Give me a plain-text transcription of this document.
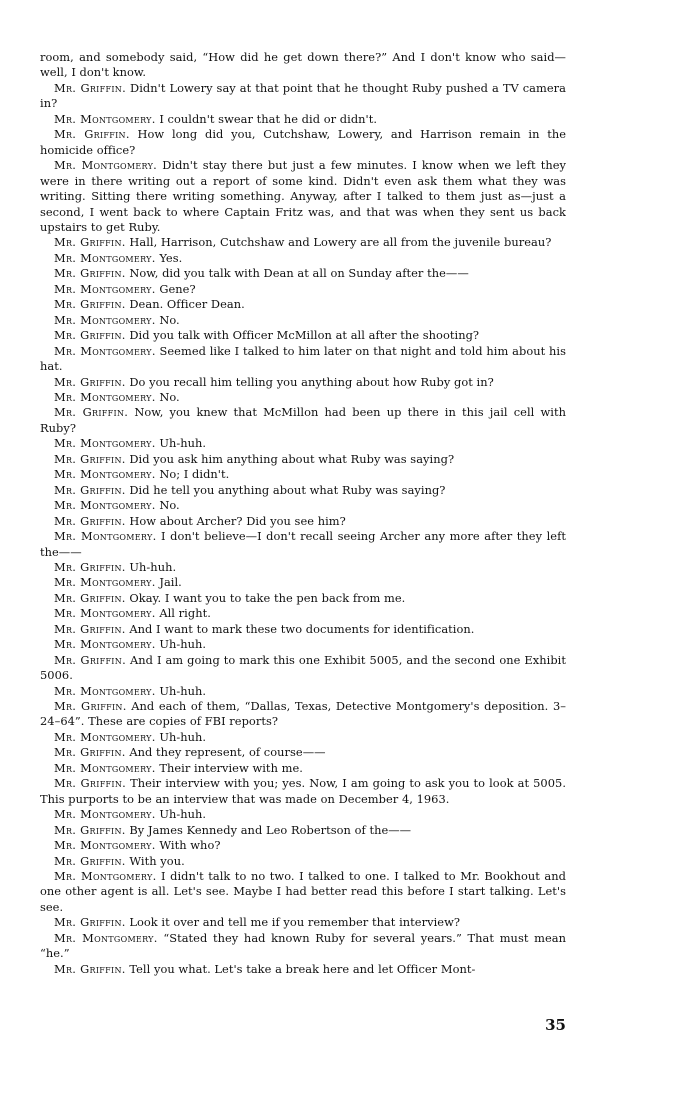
room, and somebody said, “How did he get down there?” And I don't know who said—well, I don't know.

Mr. Griffin. Didn't Lowery say at that point that he thought Ruby pushed a TV camera in?

Mr. Montgomery. I couldn't swear that he did or didn't.

Mr. Griffin. How long did you, Cutchshaw, Lowery, and Harrison remain in the homicide office?

Mr. Montgomery. Didn't stay there but just a few minutes. I know when we left they were in there writing out a report of some kind. Didn't even ask them what they was writing. Sitting there writing something. Anyway, after I talked to them just as—just a second, I went back to where Captain Fritz was, and that was when they sent us back upstairs to get Ruby.

Mr. Griffin. Hall, Harrison, Cutchshaw and Lowery are all from the juvenile bureau?

Mr. Montgomery. Yes.

Mr. Griffin. Now, did you talk with Dean at all on Sunday after the——

Mr. Montgomery. Gene?

Mr. Griffin. Dean. Officer Dean.

Mr. Montgomery. No.

Mr. Griffin. Did you talk with Officer McMillon at all after the shooting?

Mr. Montgomery. Seemed like I talked to him later on that night and told him about his hat.

Mr. Griffin. Do you recall him telling you anything about how Ruby got in?

Mr. Montgomery. No.

Mr. Griffin. Now, you knew that McMillon had been up there in this jail cell with Ruby?

Mr. Montgomery. Uh-huh.

Mr. Griffin. Did you ask him anything about what Ruby was saying?

Mr. Montgomery. No; I didn't.

Mr. Griffin. Did he tell you anything about what Ruby was saying?

Mr. Montgomery. No.

Mr. Griffin. How about Archer? Did you see him?

Mr. Montgomery. I don't believe—I don't recall seeing Archer any more after they left the——

Mr. Griffin. Uh-huh.

Mr. Montgomery. Jail.

Mr. Griffin. Okay. I want you to take the pen back from me.

Mr. Montgomery. All right.

Mr. Griffin. And I want to mark these two documents for identification.

Mr. Montgomery. Uh-huh.

Mr. Griffin. And I am going to mark this one Exhibit 5005, and the second one Exhibit 5006.

Mr. Montgomery. Uh-huh.

Mr. Griffin. And each of them, “Dallas, Texas, Detective Montgomery's deposition. 3–24–64”. These are copies of FBI reports?

Mr. Montgomery. Uh-huh.

Mr. Griffin. And they represent, of course——

Mr. Montgomery. Their interview with me.

Mr. Griffin. Their interview with you; yes. Now, I am going to ask you to look at 5005. This purports to be an interview that was made on December 4, 1963.

Mr. Montgomery. Uh-huh.

Mr. Griffin. By James Kennedy and Leo Robertson of the——

Mr. Montgomery. With who?

Mr. Griffin. With you.

Mr. Montgomery. I didn't talk to no two. I talked to one. I talked to Mr. Bookhout and one other agent is all. Let's see. Maybe I had better read this before I start talking. Let's see.

Mr. Griffin. Look it over and tell me if you remember that interview?

Mr. Montgomery. “Stated they had known Ruby for several years.” That must mean “he.”

Mr. Griffin. Tell you what. Let's take a break here and let Officer Mont-

35
